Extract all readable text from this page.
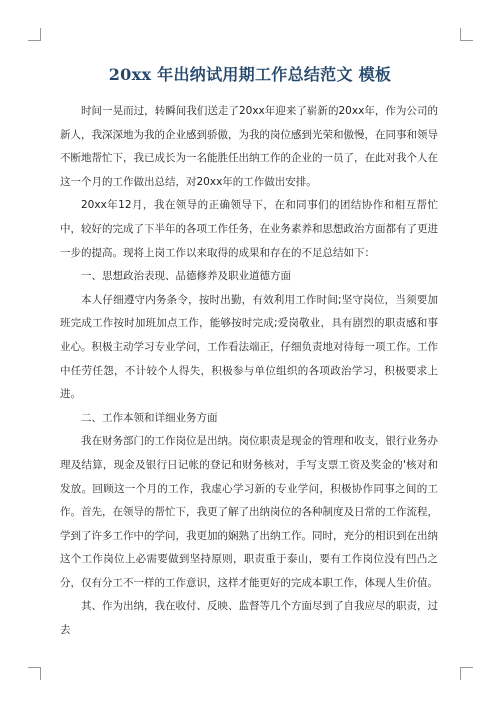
20xx 年出纳试用期工作总结范文 模板

时间一晃而过，转瞬间我们送走了20xx年迎来了崭新的20xx年，作为公司的新人，我深深地为我的企业感到骄傲，为我的岗位感到光荣和傲慢，在同事和领导不断地帮忙下，我已成长为一名能胜任出纳工作的企业的一员了，在此对我个人在这一个月的工作做出总结，对20xx年的工作做出安排。

20xx年12月，我在领导的正确领导下，在和同事们的团结协作和相互帮忙中，较好的完成了下半年的各项工作任务，在业务素养和思想政治方面都有了更进一步的提高。现将上岗工作以来取得的成果和存在的不足总结如下：

一、思想政治表现、品德修养及职业道德方面

本人仔细遵守内务条令，按时出勤，有效利用工作时间;坚守岗位，当须要加班完成工作按时加班加点工作，能够按时完成;爱岗敬业，具有剧烈的职责感和事业心。积极主动学习专业学问，工作看法端正，仔细负责地对待每一项工作。工作中任劳任怨，不计较个人得失，积极参与单位组织的各项政治学习，积极要求上进。

二、工作本领和详细业务方面

我在财务部门的工作岗位是出纳。岗位职责是现金的管理和收支，银行业务办理及结算，现金及银行日记帐的登记和财务核对，手写支票工资及奖金的'核对和发放。回顾这一个月的工作，我虚心学习新的专业学问，积极协作同事之间的工作。首先，在领导的帮忙下，我更了解了出纳岗位的各种制度及日常的工作流程，学到了许多工作中的学问，我更加的娴熟了出纳工作。同时，充分的相识到在出纳这个工作岗位上必需要做到坚持原则，职责重于泰山，要有工作岗位没有凹凸之分，仅有分工不一样的工作意识，这样才能更好的完成本职工作，体现人生价值。

其、作为出纳，我在收付、反映、监督等几个方面尽到了自我应尽的职责，过去
